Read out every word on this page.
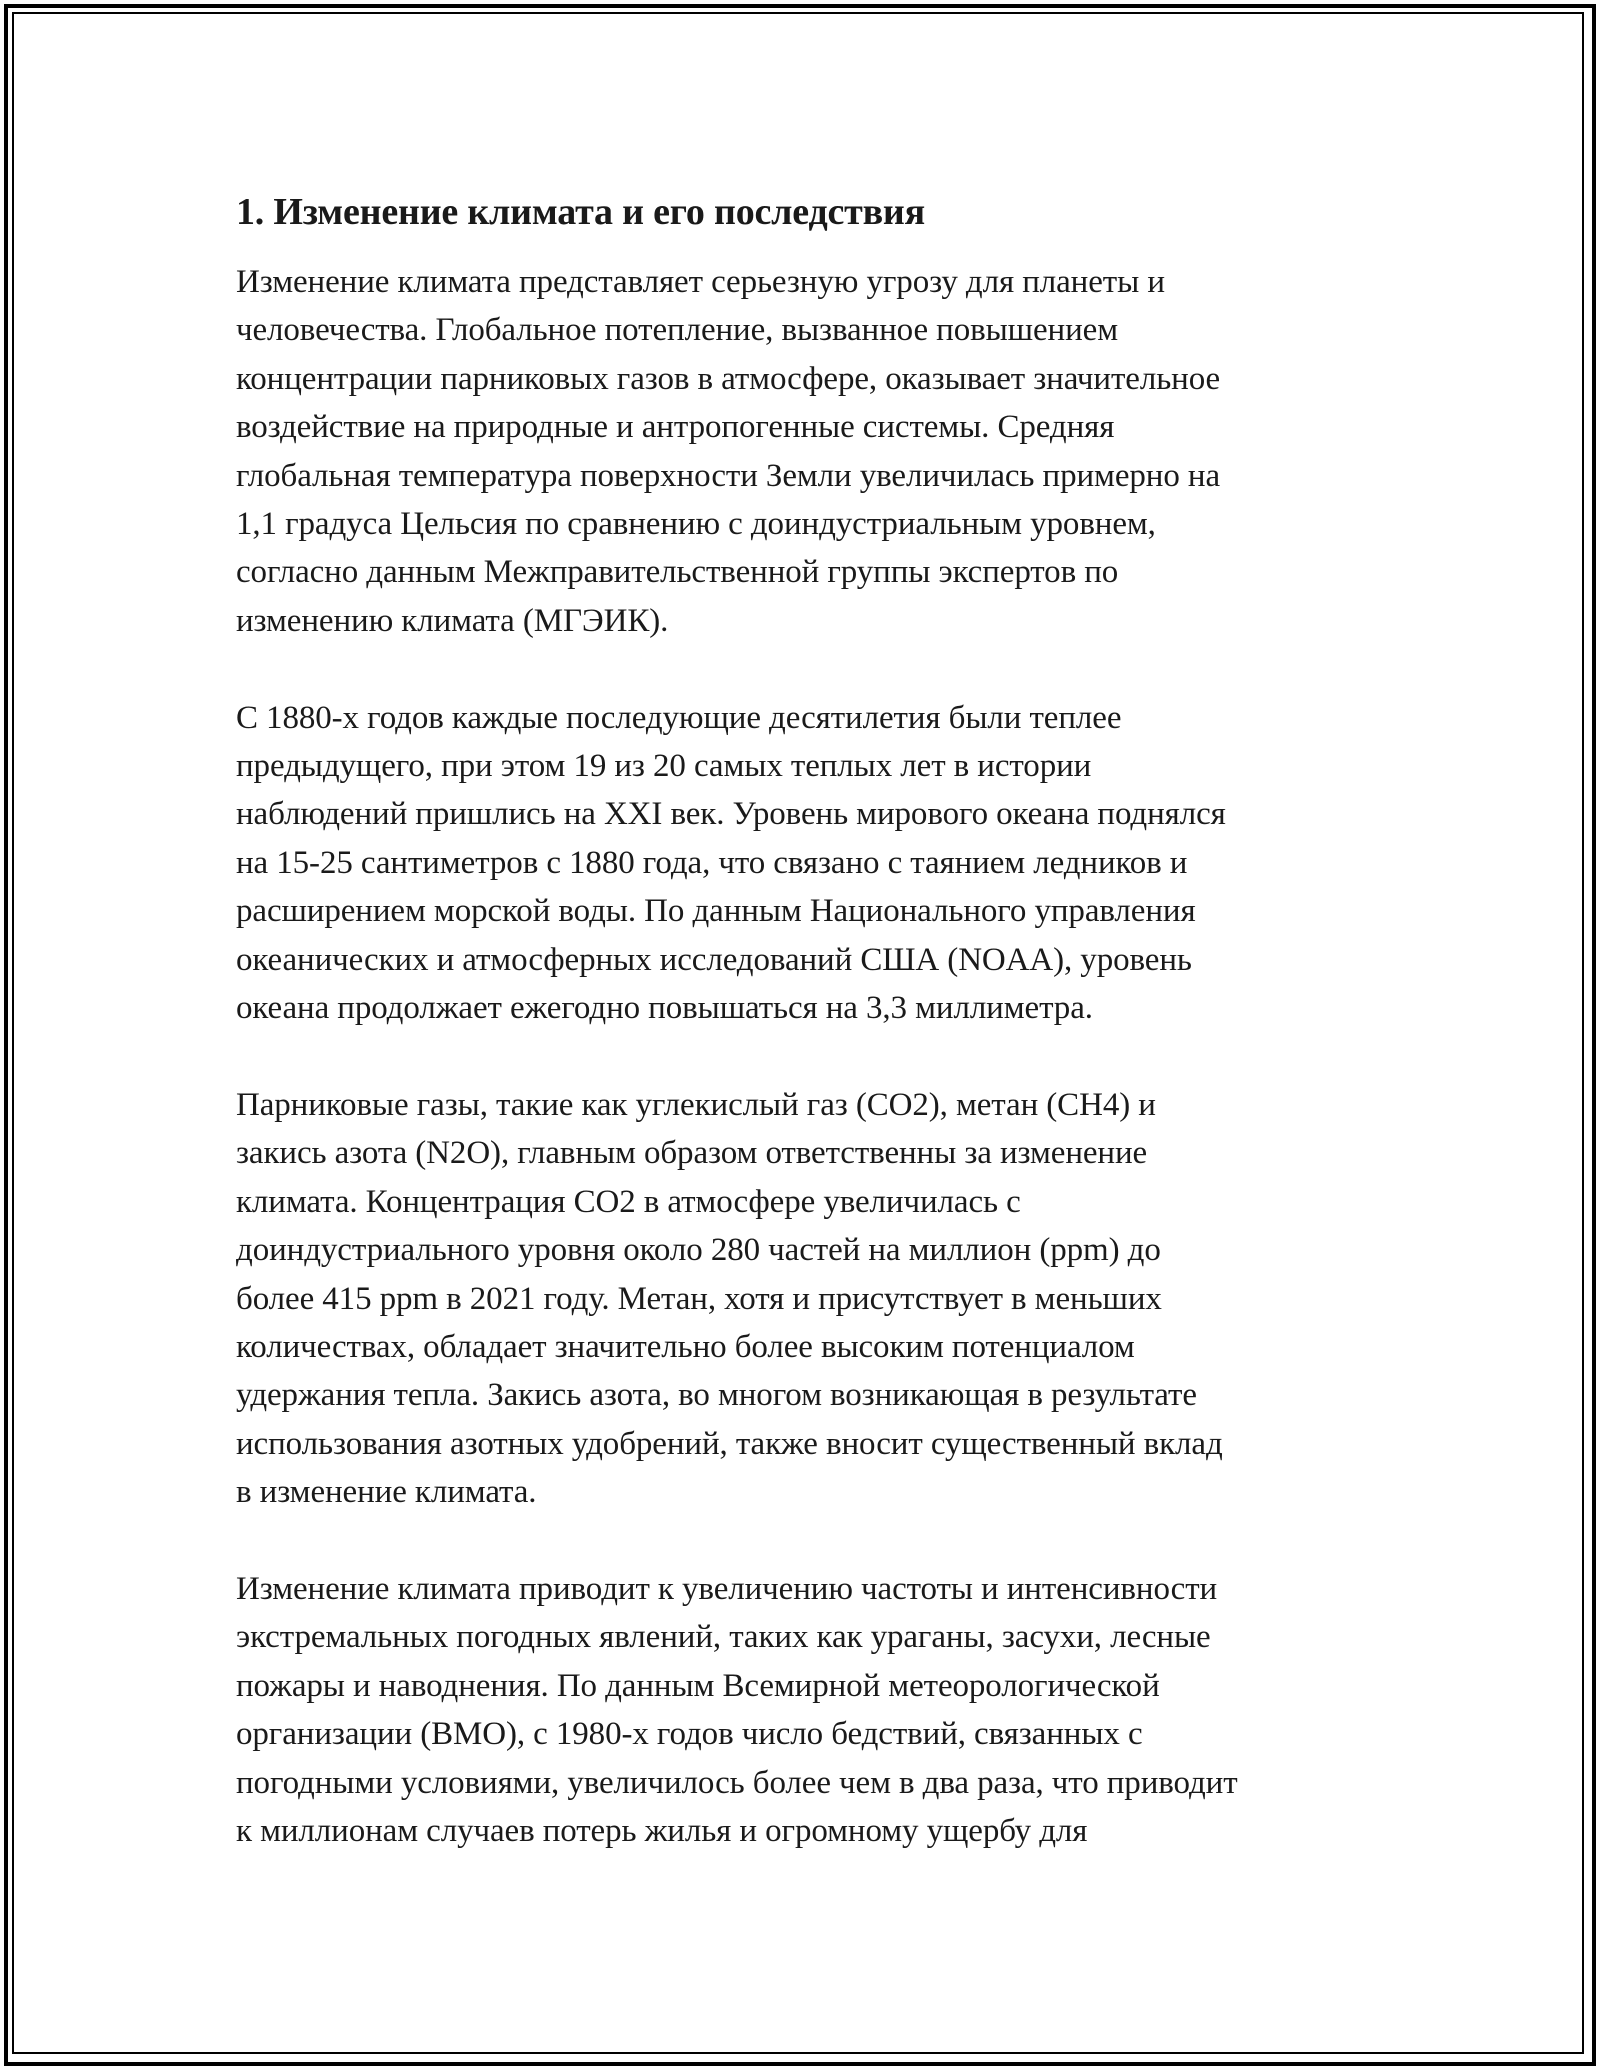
1. Изменение климата и его последствия

Изменение климата представляет серьезную угрозу для планеты и
человечества. Глобальное потепление, вызванное повышением
концентрации парниковых газов в атмосфере, оказывает значительное
воздействие на природные и антропогенные системы. Средняя
глобальная температура поверхности Земли увеличилась примерно на
1,1 градуса Цельсия по сравнению с доиндустриальным уровнем,
согласно данным Межправительственной группы экспертов по
изменению климата (МГЭИК).

С 1880-х годов каждые последующие десятилетия были теплее
предыдущего, при этом 19 из 20 самых теплых лет в истории
наблюдений пришлись на XXI век. Уровень мирового океана поднялся
на 15-25 сантиметров с 1880 года, что связано с таянием ледников и
расширением морской воды. По данным Национального управления
океанических и атмосферных исследований США (NOAA), уровень
океана продолжает ежегодно повышаться на 3,3 миллиметра.

Парниковые газы, такие как углекислый газ (CO2), метан (CH4) и
закись азота (N2O), главным образом ответственны за изменение
климата. Концентрация CO2 в атмосфере увеличилась с
доиндустриального уровня около 280 частей на миллион (ppm) до
более 415 ppm в 2021 году. Метан, хотя и присутствует в меньших
количествах, обладает значительно более высоким потенциалом
удержания тепла. Закись азота, во многом возникающая в результате
использования азотных удобрений, также вносит существенный вклад
в изменение климата.

Изменение климата приводит к увеличению частоты и интенсивности
экстремальных погодных явлений, таких как ураганы, засухи, лесные
пожары и наводнения. По данным Всемирной метеорологической
организации (ВМО), с 1980-х годов число бедствий, связанных с
погодными условиями, увеличилось более чем в два раза, что приводит
к миллионам случаев потерь жилья и огромному ущербу для
